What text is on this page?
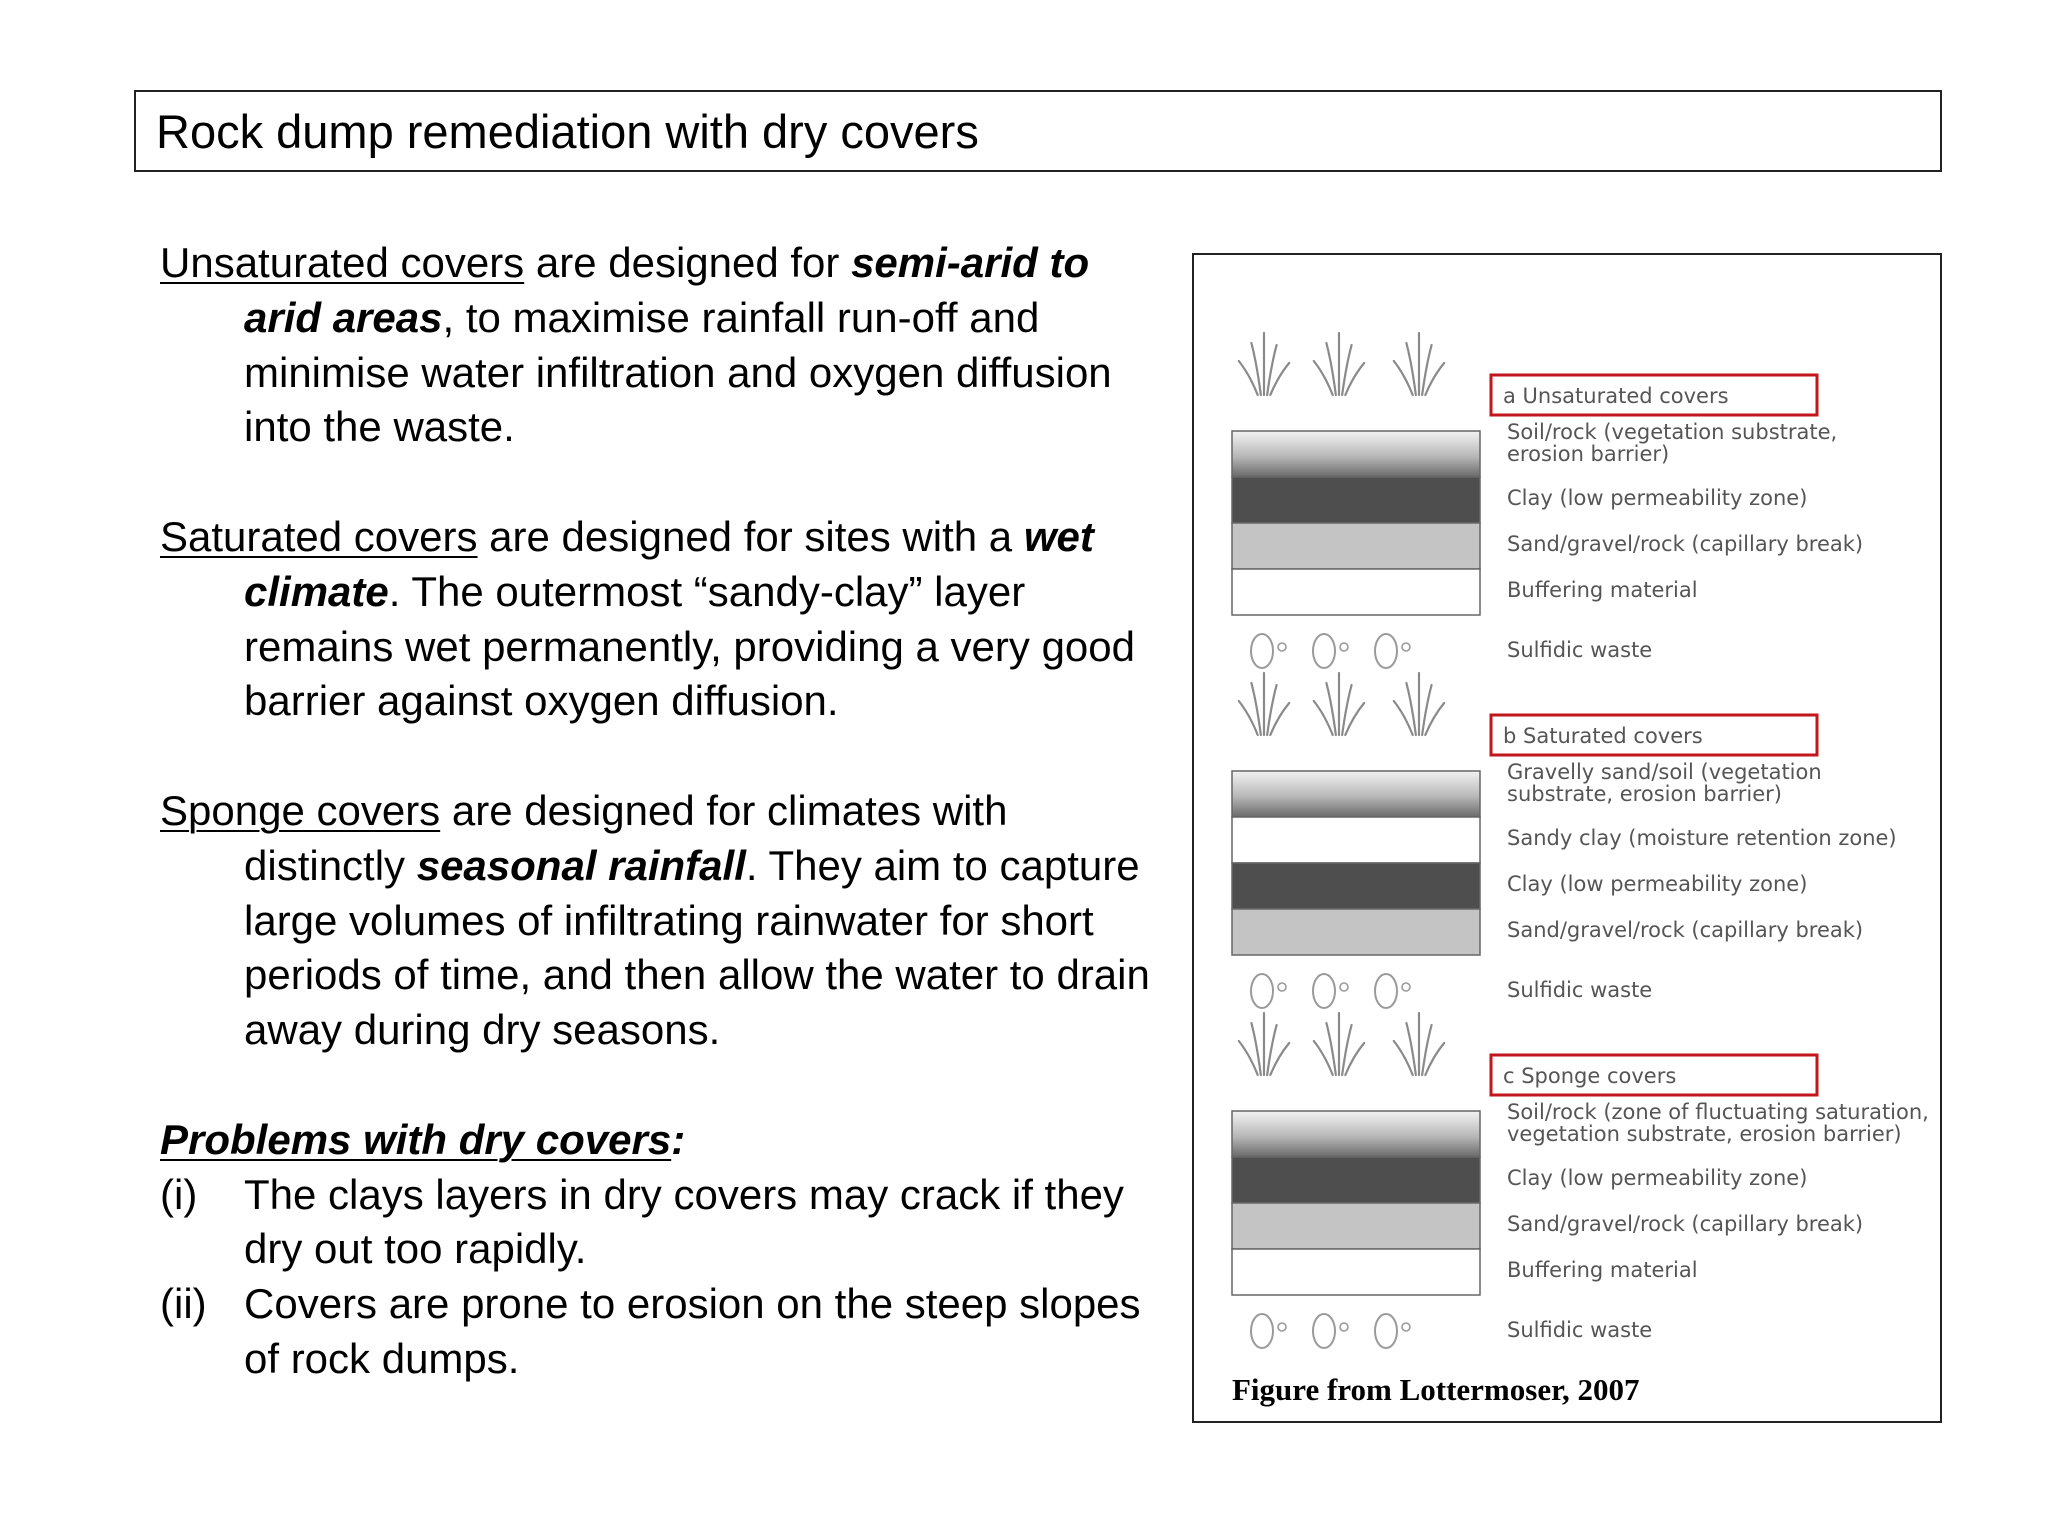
Rock dump remediation with dry covers

Unsaturated covers are designed for semi-arid to arid areas, to maximise rainfall run-off and minimise water infiltration and oxygen diffusion into the waste.

Saturated covers are designed for sites with a wet climate. The outermost “sandy-clay” layer remains wet permanently, providing a very good barrier against oxygen diffusion.

Sponge covers are designed for climates with distinctly seasonal rainfall. They aim to capture large volumes of infiltrating rainwater for short periods of time, and then allow the water to drain away during dry seasons.

Problems with dry covers:
(i) The clays layers in dry covers may crack if they dry out too rapidly.
(ii) Covers are prone to erosion on the steep slopes of rock dumps.
a Unsaturated covers
Soil/rock (vegetation substrate,
erosion barrier)
Clay (low permeability zone)
Sand/gravel/rock (capillary break)
Buffering material
Sulfidic waste
b Saturated covers
Gravelly sand/soil (vegetation
substrate, erosion barrier)
Sandy clay (moisture retention zone)
Clay (low permeability zone)
Sand/gravel/rock (capillary break)
Sulfidic waste
c Sponge covers
Soil/rock (zone of fluctuating saturation,
vegetation substrate, erosion barrier)
Clay (low permeability zone)
Sand/gravel/rock (capillary break)
Buffering material
Sulfidic waste
Figure from Lottermoser, 2007
